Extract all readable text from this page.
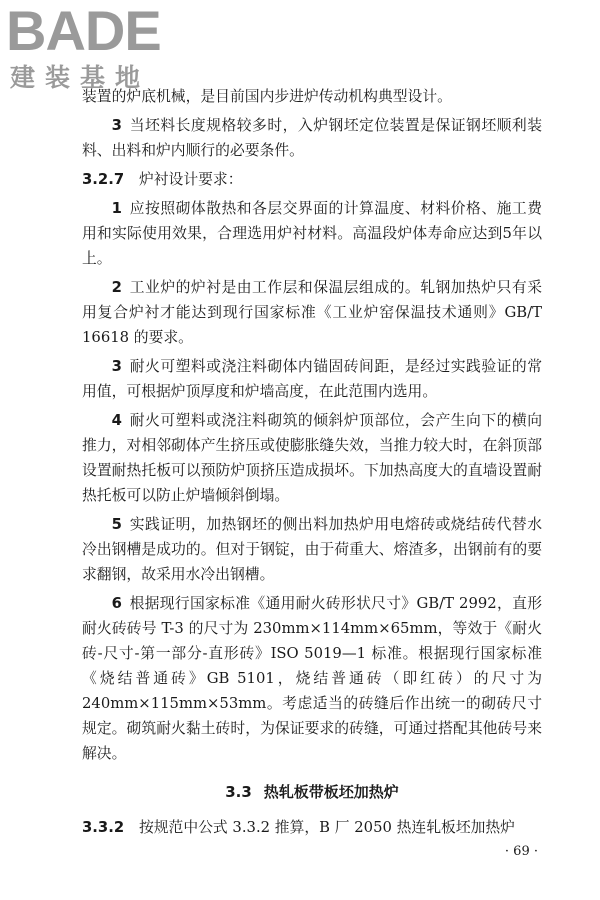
BADE
建装基地

装置的炉底机械，是目前国内步进炉传动机构典型设计。

3 当坯料长度规格较多时，入炉钢坯定位装置是保证钢坯顺利装料、出料和炉内顺行的必要条件。

3.2.7 炉衬设计要求：

1 应按照砌体散热和各层交界面的计算温度、材料价格、施工费用和实际使用效果，合理选用炉衬材料。高温段炉体寿命应达到5年以上。

2 工业炉的炉衬是由工作层和保温层组成的。轧钢加热炉只有采用复合炉衬才能达到现行国家标准《工业炉窑保温技术通则》GB/T 16618 的要求。

3 耐火可塑料或浇注料砌体内锚固砖间距，是经过实践验证的常用值，可根据炉顶厚度和炉墙高度，在此范围内选用。

4 耐火可塑料或浇注料砌筑的倾斜炉顶部位，会产生向下的横向推力，对相邻砌体产生挤压或使膨胀缝失效，当推力较大时，在斜顶部设置耐热托板可以预防炉顶挤压造成损坏。下加热高度大的直墙设置耐热托板可以防止炉墙倾斜倒塌。

5 实践证明，加热钢坯的侧出料加热炉用电熔砖或烧结砖代替水冷出钢槽是成功的。但对于钢锭，由于荷重大、熔渣多，出钢前有的要求翻钢，故采用水冷出钢槽。

6 根据现行国家标准《通用耐火砖形状尺寸》GB/T 2992，直形耐火砖砖号 T-3 的尺寸为 230mm×114mm×65mm，等效于《耐火砖-尺寸-第一部分-直形砖》ISO 5019—1 标准。根据现行国家标准《烧结普通砖》GB 5101，烧结普通砖（即红砖）的尺寸为240mm×115mm×53mm。考虑适当的砖缝后作出统一的砌砖尺寸规定。砌筑耐火黏土砖时，为保证要求的砖缝，可通过搭配其他砖号来解决。

3.3 热轧板带板坯加热炉

3.3.2 按规范中公式 3.3.2 推算，B 厂 2050 热连轧板坯加热炉

· 69 ·
